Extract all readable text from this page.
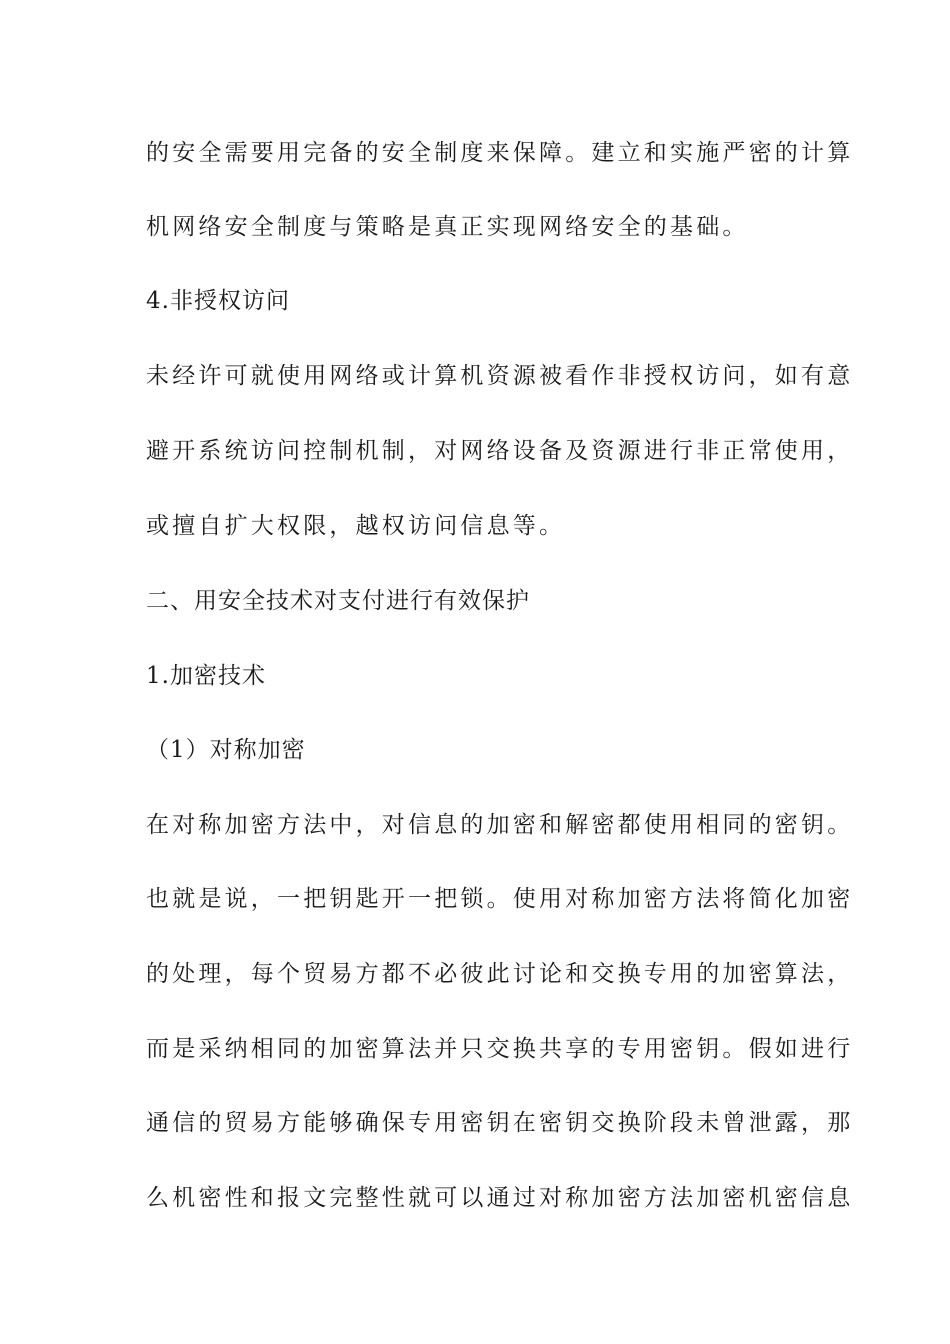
的安全需要用完备的安全制度来保障。建立和实施严密的计算
机网络安全制度与策略是真正实现网络安全的基础。
4.非授权访问
未经许可就使用网络或计算机资源被看作非授权访问，如有意
避开系统访问控制机制，对网络设备及资源进行非正常使用，
或擅自扩大权限，越权访问信息等。
二、用安全技术对支付进行有效保护
1.加密技术
（1）对称加密
在对称加密方法中，对信息的加密和解密都使用相同的密钥。
也就是说，一把钥匙开一把锁。使用对称加密方法将简化加密
的处理，每个贸易方都不必彼此讨论和交换专用的加密算法，
而是采纳相同的加密算法并只交换共享的专用密钥。假如进行
通信的贸易方能够确保专用密钥在密钥交换阶段未曾泄露，那
么机密性和报文完整性就可以通过对称加密方法加密机密信息
